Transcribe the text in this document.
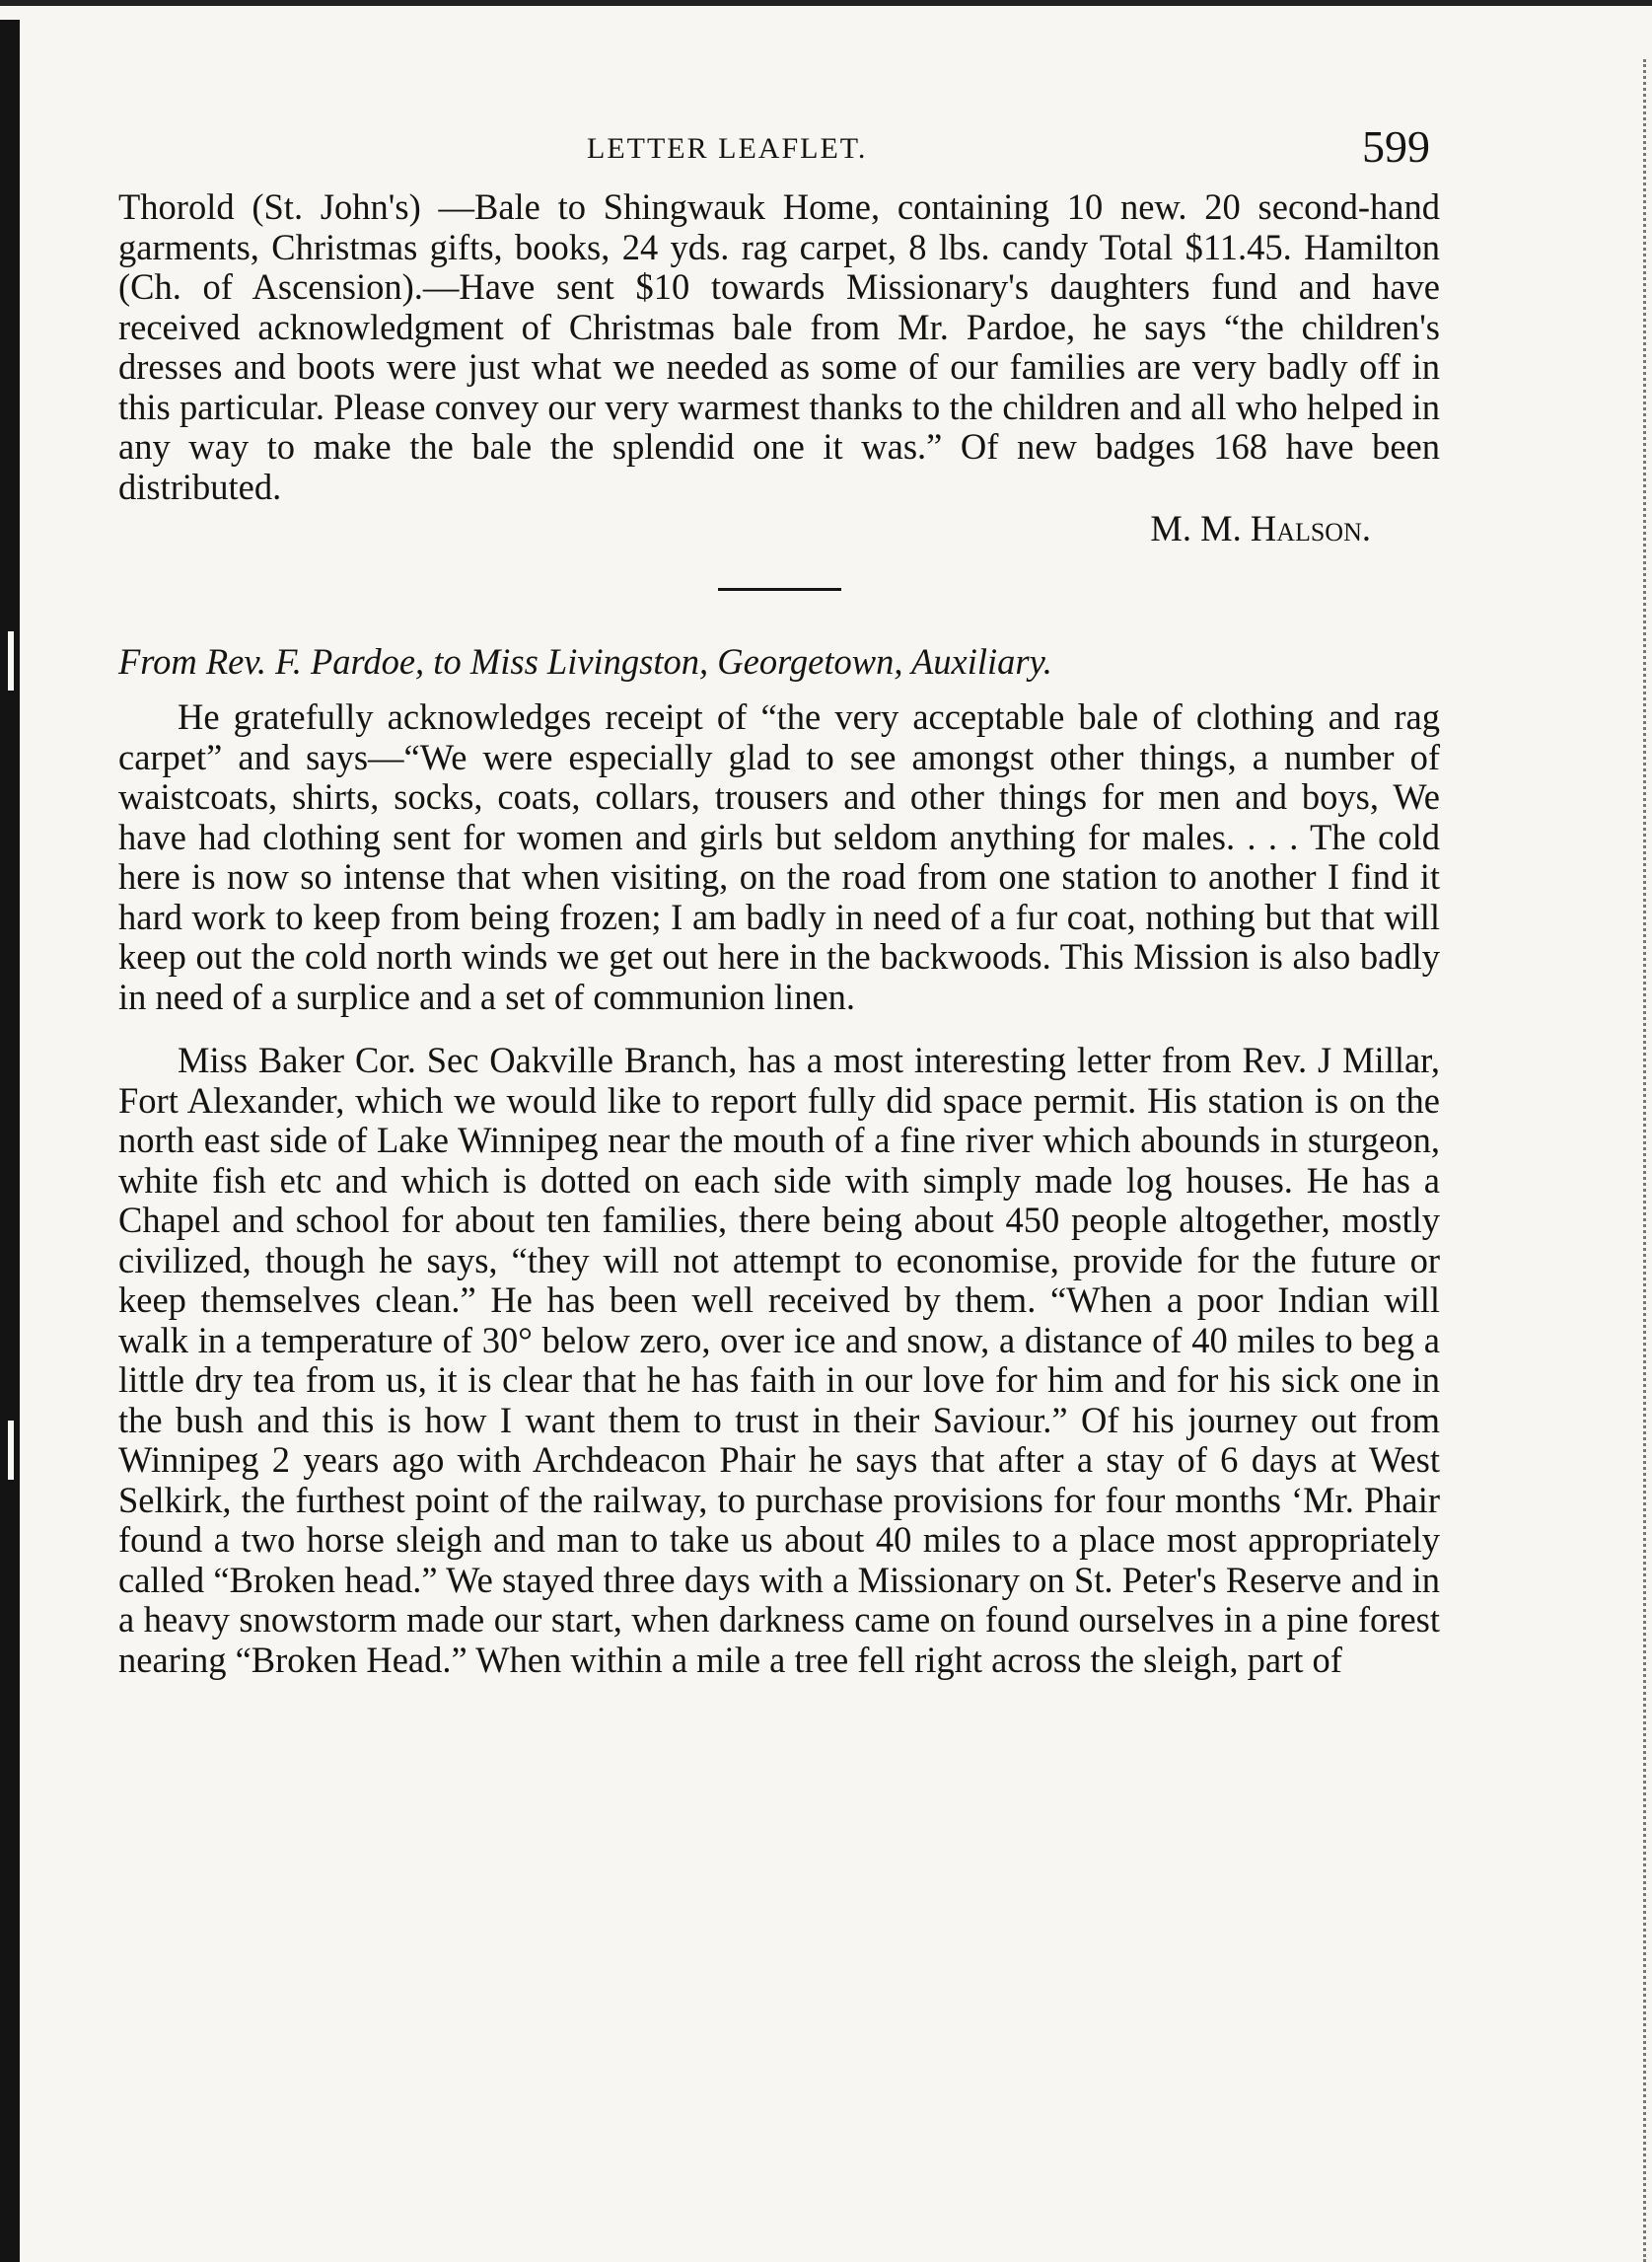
LETTER LEAFLET.	599

Thorold (St. John's) —Bale to Shingwauk Home, containing 10 new. 20 second-hand garments, Christmas gifts, books, 24 yds. rag carpet, 8 lbs. candy Total $11.45. Hamilton (Ch. of Ascension).—Have sent $10 towards Missionary's daughters fund and have received acknowledgment of Christmas bale from Mr. Pardoe, he says “the children's dresses and boots were just what we needed as some of our families are very badly off in this particular. Please convey our very warmest thanks to the children and all who helped in any way to make the bale the splendid one it was.” Of new badges 168 have been distributed.

M. M. Halson.
From Rev. F. Pardoe, to Miss Livingston, Georgetown, Auxiliary.

He gratefully acknowledges receipt of “the very acceptable bale of clothing and rag carpet” and says—“We were especially glad to see amongst other things, a number of waistcoats, shirts, socks, coats, collars, trousers and other things for men and boys, We have had clothing sent for women and girls but seldom anything for males. . . . The cold here is now so intense that when visiting, on the road from one station to another I find it hard work to keep from being frozen; I am badly in need of a fur coat, nothing but that will keep out the cold north winds we get out here in the backwoods. This Mission is also badly in need of a surplice and a set of communion linen.

Miss Baker Cor. Sec Oakville Branch, has a most interesting letter from Rev. J Millar, Fort Alexander, which we would like to report fully did space permit. His station is on the north east side of Lake Winnipeg near the mouth of a fine river which abounds in sturgeon, white fish etc and which is dotted on each side with simply made log houses. He has a Chapel and school for about ten families, there being about 450 people altogether, mostly civilized, though he says, “they will not attempt to economise, provide for the future or keep themselves clean.” He has been well received by them. “When a poor Indian will walk in a temperature of 30° below zero, over ice and snow, a distance of 40 miles to beg a little dry tea from us, it is clear that he has faith in our love for him and for his sick one in the bush and this is how I want them to trust in their Saviour.” Of his journey out from Winnipeg 2 years ago with Archdeacon Phair he says that after a stay of 6 days at West Selkirk, the furthest point of the railway, to purchase provisions for four months ‘Mr. Phair found a two horse sleigh and man to take us about 40 miles to a place most appropriately called “Broken head.” We stayed three days with a Missionary on St. Peter's Reserve and in a heavy snowstorm made our start, when darkness came on found ourselves in a pine forest nearing “Broken Head.” When within a mile a tree fell right across the sleigh, part of
